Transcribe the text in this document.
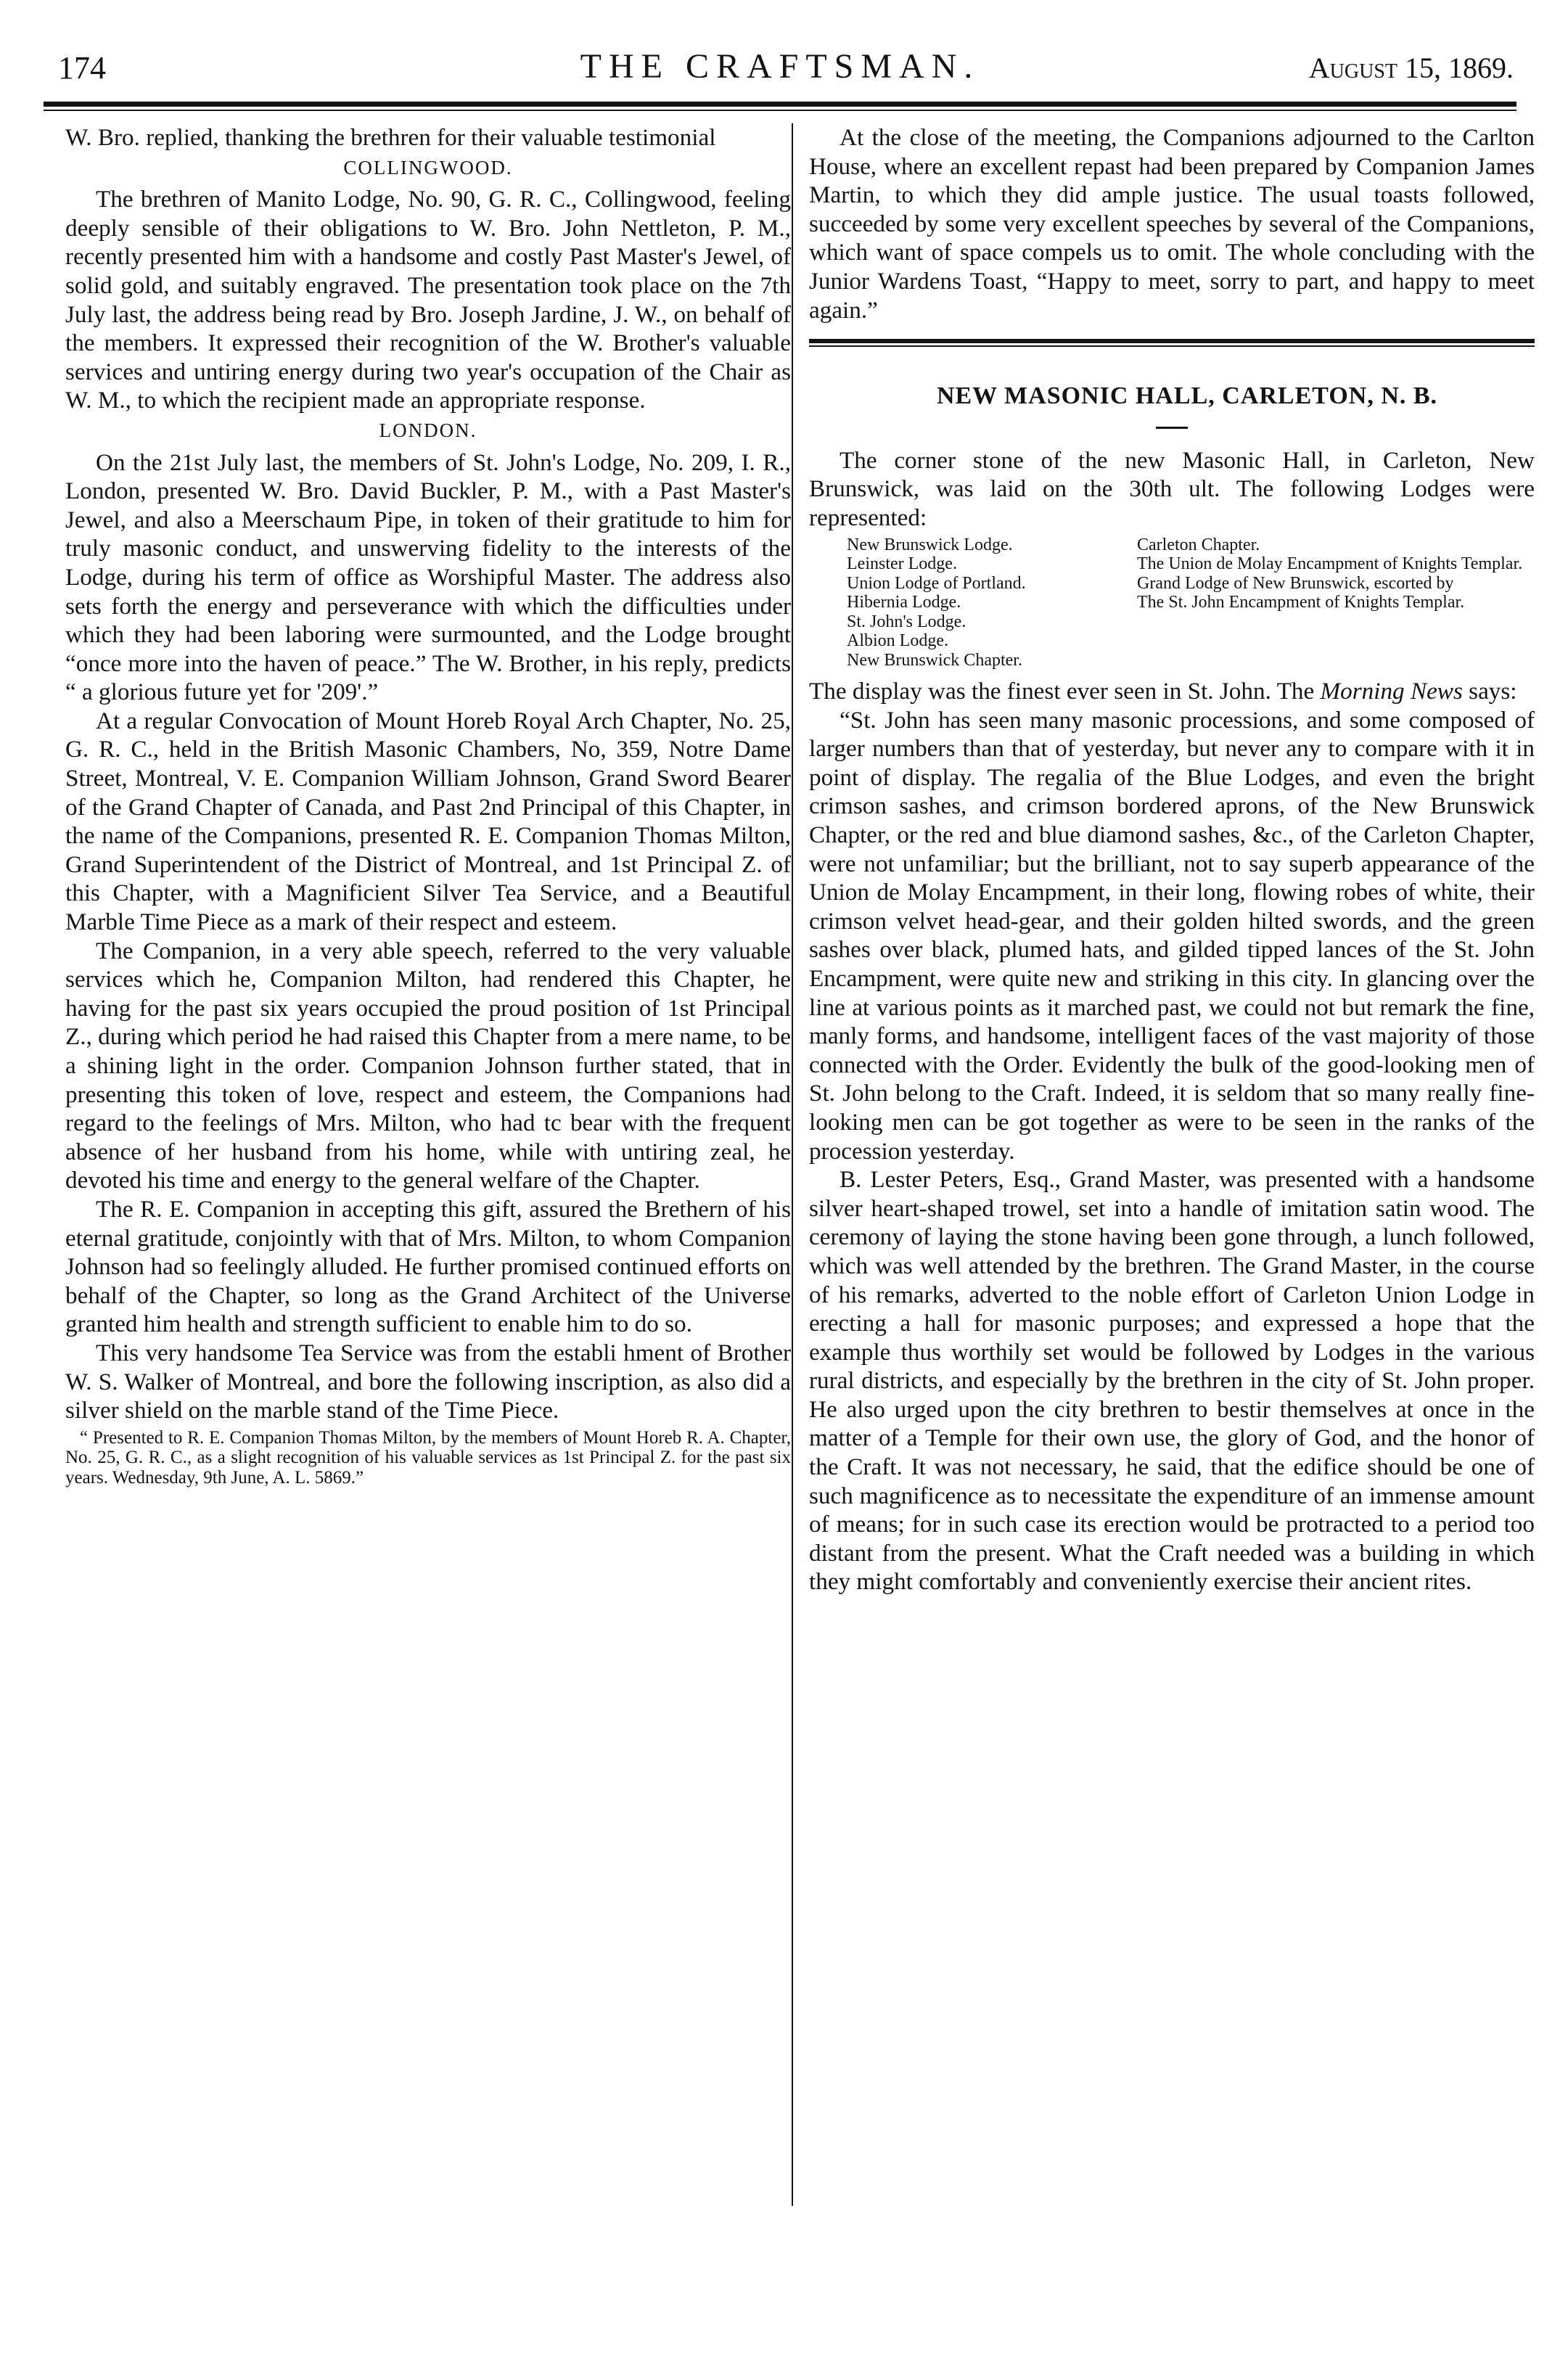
174	THE CRAFTSMAN.	August 15, 1869.

W. Bro. replied, thanking the brethren for their valuable testimonial

COLLINGWOOD.

The brethren of Manito Lodge, No. 90, G. R. C., Collingwood, feeling deeply sensible of their obligations to W. Bro. John Nettleton, P. M., recently presented him with a handsome and costly Past Master's Jewel, of solid gold, and suitably engraved. The presentation took place on the 7th July last, the address being read by Bro. Joseph Jardine, J. W., on behalf of the members. It expressed their recognition of the W. Brother's valuable services and untiring energy during two year's occupation of the Chair as W. M., to which the recipient made an appropriate response.

LONDON.

On the 21st July last, the members of St. John's Lodge, No. 209, I. R., London, presented W. Bro. David Buckler, P. M., with a Past Master's Jewel, and also a Meerschaum Pipe, in token of their gratitude to him for truly masonic conduct, and unswerving fidelity to the interests of the Lodge, during his term of office as Worshipful Master. The address also sets forth the energy and perseverance with which the difficulties under which they had been laboring were surmounted, and the Lodge brought “once more into the haven of peace.” The W. Brother, in his reply, predicts “ a glorious future yet for '209'.”

At a regular Convocation of Mount Horeb Royal Arch Chapter, No. 25, G. R. C., held in the British Masonic Chambers, No, 359, Notre Dame Street, Montreal, V. E. Companion William Johnson, Grand Sword Bearer of the Grand Chapter of Canada, and Past 2nd Principal of this Chapter, in the name of the Companions, presented R. E. Companion Thomas Milton, Grand Superintendent of the District of Montreal, and 1st Principal Z. of this Chapter, with a Magnificient Silver Tea Service, and a Beautiful Marble Time Piece as a mark of their respect and esteem.

The Companion, in a very able speech, referred to the very valuable services which he, Companion Milton, had rendered this Chapter, he having for the past six years occupied the proud position of 1st Principal Z., during which period he had raised this Chapter from a mere name, to be a shining light in the order. Companion Johnson further stated, that in presenting this token of love, respect and esteem, the Companions had regard to the feelings of Mrs. Milton, who had tc bear with the frequent absence of her husband from his home, while with untiring zeal, he devoted his time and energy to the general welfare of the Chapter.

The R. E. Companion in accepting this gift, assured the Brethern of his eternal gratitude, conjointly with that of Mrs. Milton, to whom Companion Johnson had so feelingly alluded. He further promised continued efforts on behalf of the Chapter, so long as the Grand Architect of the Universe granted him health and strength sufficient to enable him to do so.

This very handsome Tea Service was from the establi hment of Brother W. S. Walker of Montreal, and bore the following inscription, as also did a silver shield on the marble stand of the Time Piece.

“ Presented to R. E. Companion Thomas Milton, by the members of Mount Horeb R. A. Chapter, No. 25, G. R. C., as a slight recognition of his valuable services as 1st Principal Z. for the past six years. Wednesday, 9th June, A. L. 5869.”

At the close of the meeting, the Companions adjourned to the Carlton House, where an excellent repast had been prepared by Companion James Martin, to which they did ample justice. The usual toasts followed, succeeded by some very excellent speeches by several of the Companions, which want of space compels us to omit. The whole concluding with the Junior Wardens Toast, “Happy to meet, sorry to part, and happy to meet again.”

NEW MASONIC HALL, CARLETON, N. B.

The corner stone of the new Masonic Hall, in Carleton, New Brunswick, was laid on the 30th ult. The following Lodges were represented:

New Brunswick Lodge.
Leinster Lodge.
Union Lodge of Portland.
Hibernia Lodge.
St. John's Lodge.
Albion Lodge.
New Brunswick Chapter.
Carleton Chapter.
The Union de Molay Encampment of Knights Templar.
Grand Lodge of New Brunswick, escorted by
The St. John Encampment of Knights Templar.

The display was the finest ever seen in St. John. The Morning News says:

“St. John has seen many masonic processions, and some composed of larger numbers than that of yesterday, but never any to compare with it in point of display. The regalia of the Blue Lodges, and even the bright crimson sashes, and crimson bordered aprons, of the New Brunswick Chapter, or the red and blue diamond sashes, &c., of the Carleton Chapter, were not unfamiliar; but the brilliant, not to say superb appearance of the Union de Molay Encampment, in their long, flowing robes of white, their crimson velvet head-gear, and their golden hilted swords, and the green sashes over black, plumed hats, and gilded tipped lances of the St. John Encampment, were quite new and striking in this city. In glancing over the line at various points as it marched past, we could not but remark the fine, manly forms, and handsome, intelligent faces of the vast majority of those connected with the Order. Evidently the bulk of the good-looking men of St. John belong to the Craft. Indeed, it is seldom that so many really fine-looking men can be got together as were to be seen in the ranks of the procession yesterday.

B. Lester Peters, Esq., Grand Master, was presented with a handsome silver heart-shaped trowel, set into a handle of imitation satin wood. The ceremony of laying the stone having been gone through, a lunch followed, which was well attended by the brethren. The Grand Master, in the course of his remarks, adverted to the noble effort of Carleton Union Lodge in erecting a hall for masonic purposes; and expressed a hope that the example thus worthily set would be followed by Lodges in the various rural districts, and especially by the brethren in the city of St. John proper. He also urged upon the city brethren to bestir themselves at once in the matter of a Temple for their own use, the glory of God, and the honor of the Craft. It was not necessary, he said, that the edifice should be one of such magnificence as to necessitate the expenditure of an immense amount of means; for in such case its erection would be protracted to a period too distant from the present. What the Craft needed was a building in which they might comfortably and conveniently exercise their ancient rites.
